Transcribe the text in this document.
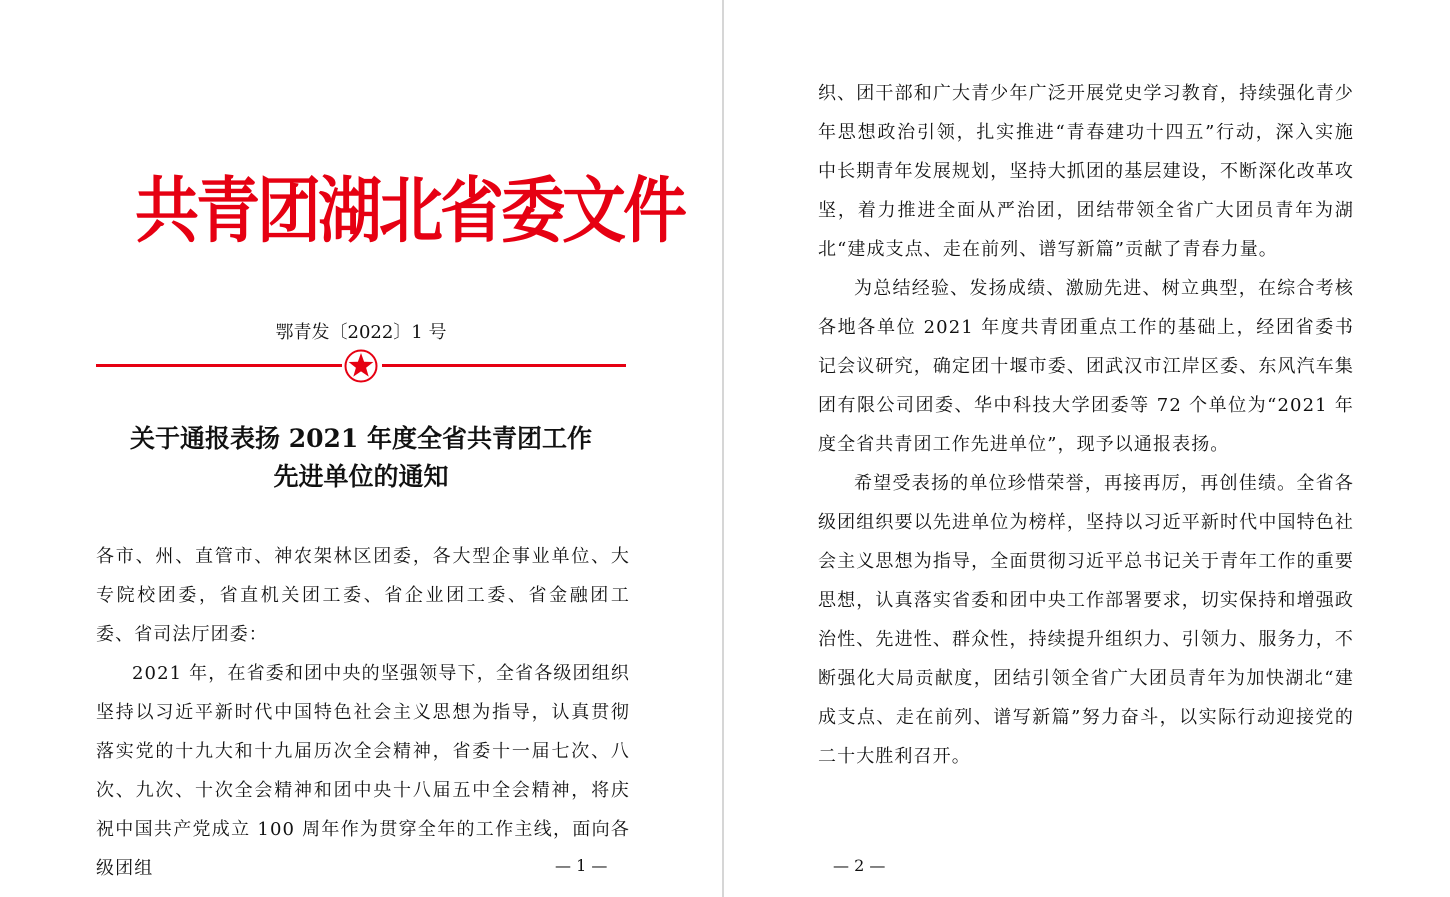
共青团湖北省委文件
鄂青发〔2022〕1 号
关于通报表扬 2021 年度全省共青团工作
先进单位的通知

各市、州、直管市、神农架林区团委，各大型企事业单位、大专院校团委，省直机关团工委、省企业团工委、省金融团工委、省司法厅团委：

2021 年，在省委和团中央的坚强领导下，全省各级团组织坚持以习近平新时代中国特色社会主义思想为指导，认真贯彻落实党的十九大和十九届历次全会精神，省委十一届七次、八次、九次、十次全会精神和团中央十八届五中全会精神，将庆祝中国共产党成立 100 周年作为贯穿全年的工作主线，面向各级团组	— 1 —

织、团干部和广大青少年广泛开展党史学习教育，持续强化青少年思想政治引领，扎实推进“青春建功十四五”行动，深入实施中长期青年发展规划，坚持大抓团的基层建设，不断深化改革攻坚，着力推进全面从严治团，团结带领全省广大团员青年为湖北“建成支点、走在前列、谱写新篇”贡献了青春力量。

为总结经验、发扬成绩、激励先进、树立典型，在综合考核各地各单位 2021 年度共青团重点工作的基础上，经团省委书记会议研究，确定团十堰市委、团武汉市江岸区委、东风汽车集团有限公司团委、华中科技大学团委等 72 个单位为“2021 年度全省共青团工作先进单位”，现予以通报表扬。

希望受表扬的单位珍惜荣誉，再接再厉，再创佳绩。全省各级团组织要以先进单位为榜样，坚持以习近平新时代中国特色社会主义思想为指导，全面贯彻习近平总书记关于青年工作的重要思想，认真落实省委和团中央工作部署要求，切实保持和增强政治性、先进性、群众性，持续提升组织力、引领力、服务力，不断强化大局贡献度，团结引领全省广大团员青年为加快湖北“建成支点、走在前列、谱写新篇”努力奋斗，以实际行动迎接党的二十大胜利召开。

— 2 —
